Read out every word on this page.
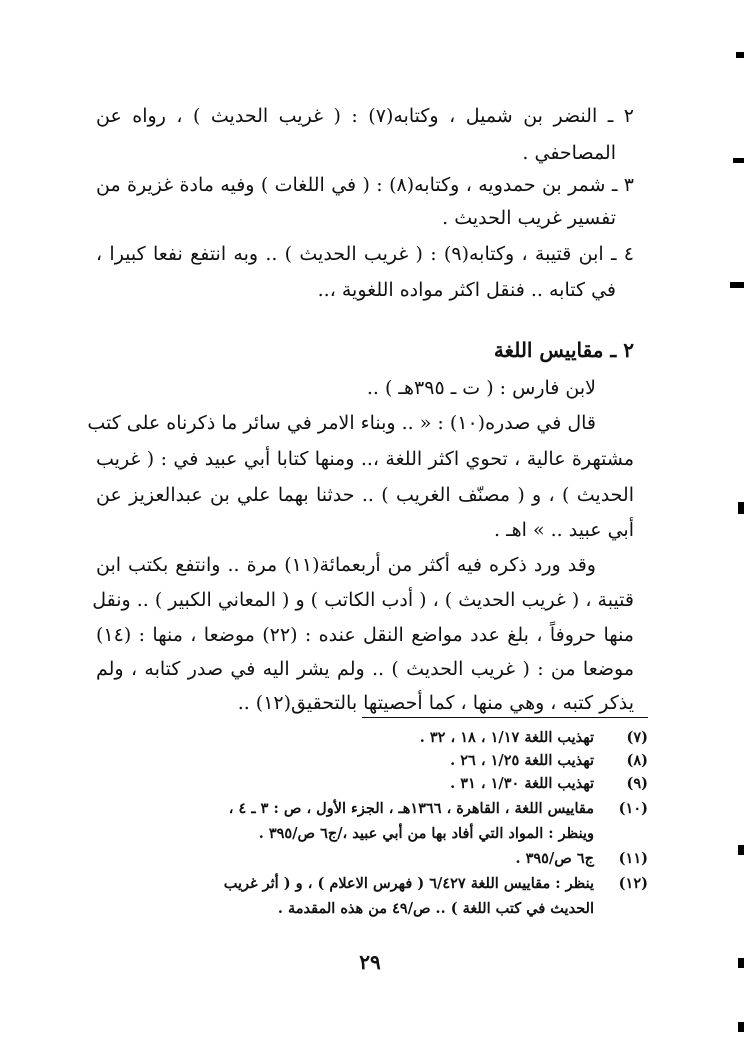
٢ ـ النضر بن شميل ، وكتابه(٧) : ( غريب الحديث ) ، رواه عن
المصاحفي .
٣ ـ شمر بن حمدويه ، وكتابه(٨) : ( في اللغات ) وفيه مادة غزيرة من
تفسير غريب الحديث .
٤ ـ ابن قتيبة ، وكتابه(٩) : ( غريب الحديث ) .. وبه انتفع نفعا كبيرا ،
في كتابه .. فنقل اكثر مواده اللغوية ،..
٢ ـ مقاييس اللغة
لابن فارس : ( ت ـ ٣٩٥هـ ) ..
قال في صدره(١٠) : « .. وبناء الامر في سائر ما ذكرناه على كتب
مشتهرة عالية ، تحوي اكثر اللغة ،.. ومنها كتابا أبي عبيد في : ( غريب
الحديث ) ، و ( مصنّف الغريب ) .. حدثنا بهما علي بن عبدالعزيز عن
أبي عبيد .. » اهـ .
وقد ورد ذكره فيه أكثر من أربعمائة(١١) مرة .. وانتفع بكتب ابن
قتيبة ، ( غريب الحديث ) ، ( أدب الكاتب ) و ( المعاني الكبير ) .. ونقل
منها حروفاً ، بلغ عدد مواضع النقل عنده : (٢٢) موضعا ، منها : (١٤)
موضعا من : ( غريب الحديث ) .. ولم يشر اليه في صدر كتابه ، ولم
يذكر كتبه ، وهي منها ، كما أحصيتها بالتحقيق(١٢) ..
(٧)
تهذيب اللغة ١/١٧ ، ١٨ ، ٣٢ .
(٨)
تهذيب اللغة ١/٢٥ ، ٢٦ .
(٩)
تهذيب اللغة ١/٣٠ ، ٣١ .
(١٠)
مقاييس اللغة ، القاهرة ، ١٣٦٦هـ ، الجزء الأول ، ص : ٣ ـ ٤ ،
وينظر : المواد التي أفاد بها من أبي عبيد ،/ج٦ ص/٣٩٥ .
(١١)
ج٦ ص/٣٩٥ .
(١٢)
ينظر : مقاييس اللغة ٦/٤٢٧ ( فهرس الاعلام ) ، و ( أثر غريب
الحديث في كتب اللغة ) .. ص/٤٩ من هذه المقدمة .
٢٩
